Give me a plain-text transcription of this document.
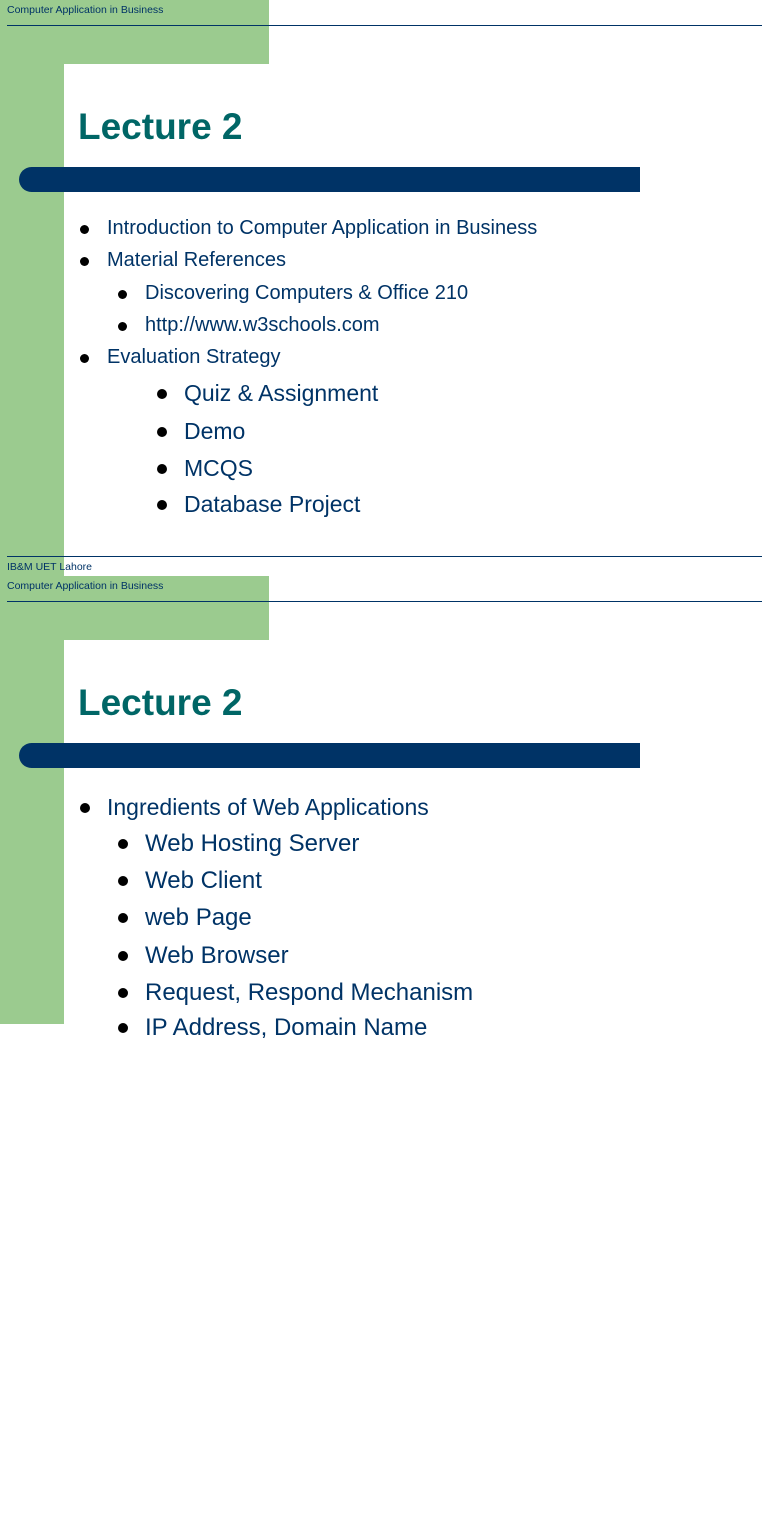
Computer Application in Business
Lecture 2
Introduction to Computer Application in Business
Material References
Discovering Computers & Office 210
http://www.w3schools.com
Evaluation Strategy
Quiz & Assignment
Demo
MCQS
Database Project
IB&M UET Lahore
Computer Application in Business
Lecture 2
Ingredients of Web Applications
Web Hosting Server
Web Client
web Page
Web Browser
Request, Respond Mechanism
IP Address, Domain Name
